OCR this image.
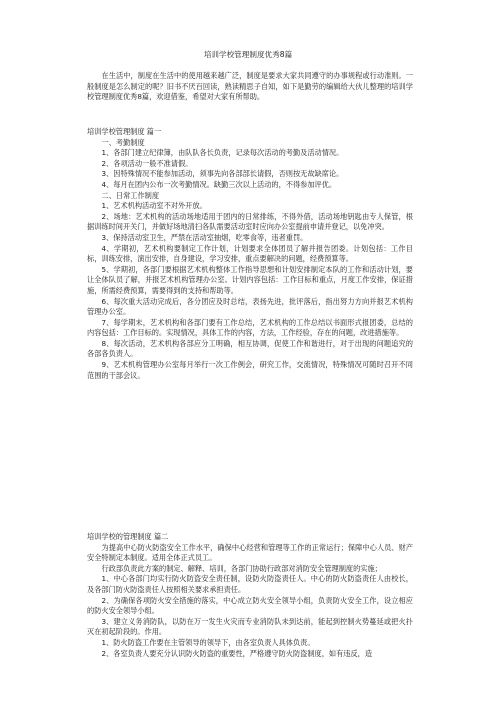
培训学校管理制度优秀8篇

在生活中，制度在生活中的使用越来越广泛，制度是要求大家共同遵守的办事规程或行动准则。一般制度是怎么制定的呢？旧书不厌百回读，熟读精思子自知，如下是勤劳的编辑给大伙儿整理的培训学校管理制度优秀8篇，欢迎借鉴，希望对大家有所帮助。

培训学校管理制度 篇一

一、考勤制度

1、各部门建立纪律簿，由队队各长负责，记录每次活动的考勤及活动情况。

2、各项活动一般不准请假。

3、因特殊情况不能参加活动，须事先向各部部长请假，否则按无故缺席论。

4、每月在团内公布一次考勤情况。缺勤三次以上活动的，不得参加评优。

二、日常工作制度

1、艺术机构活动室不对外开放。

2、场地：艺术机构的活动场地适用于团内的日常排练，不得外借，活动场地钥匙由专人保管，根据训练时间开关门，并做好场地清扫各队需要活动室时应向办公室提前申请并登记，以免冲突。

3、保持活动室卫生，严禁在活动室抽烟，吃零食等，违者重罚。

4、学期初，艺术机构要制定工作计划，计划要求全体团员了解并报告团委。计划包括：工作目标，训练安排，演出安排，自身建设，学习安排，重点要解决的问题，经费预算等。

5、学期初，各部门要根据艺术机构整体工作指导思想和计划安排制定本队的工作和活动计划，要让全体队员了解，并报艺术机构管理办公室。计划内容包括：工作目标和重点，月度工作安排，保证措施，所需经费预算，需要得到的支持和帮助等。

6、每次重大活动完成后，各分团应及时总结，表扬先进，批评落后，指出努力方向并报艺术机构管理办公室。

7、每学期末，艺术机构和各部门要有工作总结，艺术机构的工作总结以书面形式报团委，总结的内容包括：工作目标的。实现情况，具体工作的内容，方法，工作经验，存在的问题，改进措施等。

8、每次活动，艺术机构各部应分工明确，相互协调，促使工作和谐进行，对于出现的问题追究的各部各负责人。

9、艺术机构管理办公室每月举行一次工作例会，研究工作，交流情况，特殊情况可随时召开不同范围的干部会议。

培训学校的管理制度 篇二

为提高中心防火防盗安全工作水平，确保中心经营和管理等工作的正常运行；保障中心人员、财产安全特制定本制度。适用全体正式员工。

行政部负责此方案的制定、解释、培训，各部门协助行政部对消防安全管理制度的实施；

1、中心各部门均实行防火防盗安全责任制，设防火防盗责任人。中心的防火防盗责任人由校长，及各部门防火防盗责任人按照相关要求承担责任。

2、为确保各项防火安全措施的落实，中心成立防火安全领导小组，负责防火安全工作，设立相应的防火安全领导小组。

3、建立义务消防队，以防在万一发生火灾而专业消防队未到达前，能起到控制火势蔓延或把火扑灭在初起阶段的。作用。

1、防火防盗工作要在主管领导的领导下，由各室负责人具体负责。

2、各室负责人要充分认识防火防盗的重要性，严格遵守防火防盗制度，如有违反，造
